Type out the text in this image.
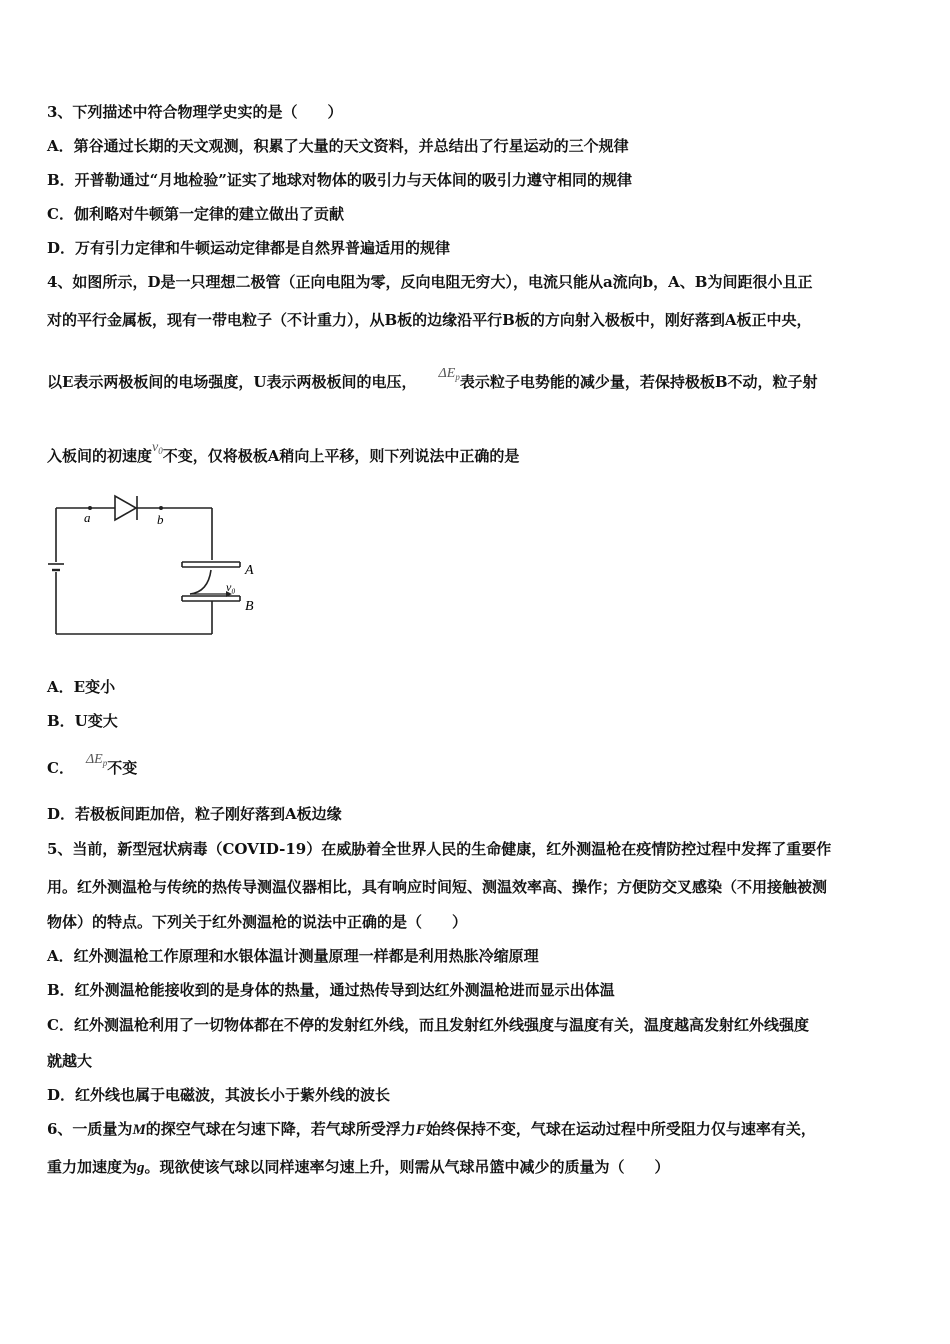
3、下列描述中符合物理学史实的是（　　）
A．第谷通过长期的天文观测，积累了大量的天文资料，并总结出了行星运动的三个规律
B．开普勒通过“月地检验”证实了地球对物体的吸引力与天体间的吸引力遵守相同的规律
C．伽利略对牛顿第一定律的建立做出了贡献
D．万有引力定律和牛顿运动定律都是自然界普遍适用的规律
4、如图所示，D是一只理想二极管（正向电阻为零，反向电阻无穷大），电流只能从a流向b，A、B为间距很小且正
对的平行金属板，现有一带电粒子（不计重力），从B板的边缘沿平行B板的方向射入极板中，刚好落到A板正中央，
以E表示两极板间的电场强度，U表示两极板间的电压， $\Delta E_p$表示粒子电势能的减少量，若保持极板B不动，粒子射
入板间的初速度$v_0$不变，仅将极板A稍向上平移，则下列说法中正确的是
a	b
A
B
v₀
A．E变小
B．U变大
C． $\Delta E_p$不变
D．若极板间距加倍，粒子刚好落到A板边缘
5、当前，新型冠状病毒（COVID-19）在威胁着全世界人民的生命健康，红外测温枪在疫情防控过程中发挥了重要作
用。红外测温枪与传统的热传导测温仪器相比，具有响应时间短、测温效率高、操作；方便防交叉感染（不用接触被测
物体）的特点。下列关于红外测温枪的说法中正确的是（　　）
A．红外测温枪工作原理和水银体温计测量原理一样都是利用热胀冷缩原理
B．红外测温枪能接收到的是身体的热量，通过热传导到达红外测温枪进而显示出体温
C．红外测温枪利用了一切物体都在不停的发射红外线，而且发射红外线强度与温度有关，温度越高发射红外线强度
就越大
D．红外线也属于电磁波，其波长小于紫外线的波长
6、一质量为M的探空气球在匀速下降，若气球所受浮力F始终保持不变，气球在运动过程中所受阻力仅与速率有关，
重力加速度为g。现欲使该气球以同样速率匀速上升，则需从气球吊篮中减少的质量为（　　）
